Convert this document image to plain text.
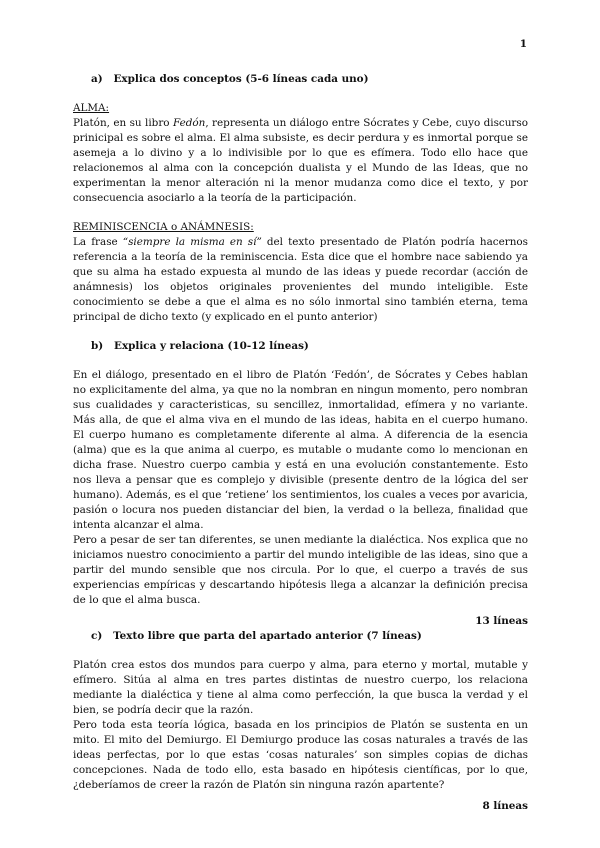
1
a)   Explica dos conceptos (5-6 líneas cada uno)

ALMA:

Platón, en su libro Fedón, representa un diálogo entre Sócrates y Cebe, cuyo discurso prinicipal es sobre el alma. El alma subsiste, es decir perdura y es inmortal porque se asemeja a lo divino y a lo indivisible por lo que es efímera. Todo ello hace que relacionemos al alma con la concepción dualista y el Mundo de las Ideas, que no experimentan la menor alteración ni la menor mudanza como dice el texto, y por consecuencia asociarlo a la teoría de la participación.

REMINISCENCIA o ANÁMNESIS:

La frase “siempre la misma en sí” del texto presentado de Platón podría hacernos referencia a la teoría de la reminiscencia. Esta dice que el hombre nace sabiendo ya que su alma ha estado expuesta al mundo de las ideas y puede recordar (acción de anámnesis) los objetos originales provenientes del mundo inteligible. Este conocimiento se debe a que el alma es no sólo inmortal sino también eterna, tema principal de dicho texto (y explicado en el punto anterior)

b)   Explica y relaciona (10-12 líneas)

En el diálogo, presentado en el libro de Platón ‘Fedón’, de Sócrates y Cebes hablan no explicitamente del alma, ya que no la nombran en ningun momento, pero nombran sus cualidades y caracteristicas, su sencillez, inmortalidad, efímera y no variante. Más alla, de que el alma viva en el mundo de las ideas, habita en el cuerpo humano. El cuerpo humano es completamente diferente al alma. A diferencia de la esencia (alma) que es la que anima al cuerpo, es mutable o mudante como lo mencionan en dicha frase. Nuestro cuerpo cambia y está en una evolución constantemente. Esto nos lleva a pensar que es complejo y divisible (presente dentro de la lógica del ser humano). Además, es el que ‘retiene’ los sentimientos, los cuales a veces por avaricia, pasión o locura nos pueden distanciar del bien, la verdad o la belleza, finalidad que intenta alcanzar el alma.

Pero a pesar de ser tan diferentes, se unen mediante la dialéctica. Nos explica que no iniciamos nuestro conocimiento a partir del mundo inteligible de las ideas, sino que a partir del mundo sensible que nos circula. Por lo que, el cuerpo a través de sus experiencias empíricas y descartando hipótesis llega a alcanzar la definición precisa de lo que el alma busca.

13 líneas

c)   Texto libre que parta del apartado anterior (7 líneas)

Platón crea estos dos mundos para cuerpo y alma, para eterno y mortal, mutable y efímero. Sitúa al alma en tres partes distintas de nuestro cuerpo, los relaciona mediante la dialéctica y tiene al alma como perfección, la que busca la verdad y el bien, se podría decir que la razón.

Pero toda esta teoría lógica, basada en los principios de Platón se sustenta en un mito. El mito del Demiurgo. El Demiurgo produce las cosas naturales a través de las ideas perfectas, por lo que estas ‘cosas naturales’ son simples copias de dichas concepciones. Nada de todo ello, esta basado en hipótesis científicas, por lo que, ¿deberíamos de creer la razón de Platón sin ninguna razón apartente?

8 líneas
